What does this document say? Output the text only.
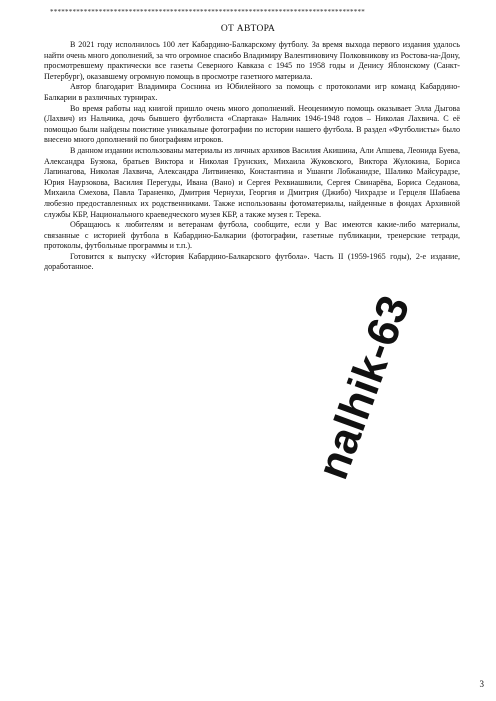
************************************************************************************
ОТ АВТОРА

В 2021 году исполнилось 100 лет Кабардино-Балкарскому футболу. За время выхода первого издания удалось найти очень много дополнений, за что огромное спасибо Владимиру Валентиновичу Полковникову из Ростова-на-Дону, просмотревшему практически все газеты Северного Кавказа с 1945 по 1958 годы и Денису Яблонскому (Санкт-Петербург), оказавшему огромную помощь в просмотре газетного материала.

Автор благодарит Владимира Соснина из Юбилейного за помощь с протоколами игр команд Кабардино-Балкарии в различных турнирах.

Во время работы над книгой пришло очень много дополнений. Неоценимую помощь оказывает Элла Дыгова (Лахвич) из Нальчика, дочь бывшего футболиста «Спартака» Нальчик 1946-1948 годов – Николая Лахвича. С её помощью были найдены поистине уникальные фотографии по истории нашего футбола. В раздел «Футболисты» было внесено много дополнений по биографиям игроков.

В данном издании использованы материалы из личных архивов Василия Акишина, Али Апшева, Леонида Буева, Александра Бузюка, братьев Виктора и Николая Грунских, Михаила Жуковского, Виктора Жулокина, Бориса Лапинагова, Николая Лахвича, Александра Литвиненко, Константина и Ушанги Лобжанидзе, Шалико Майсурадзе, Юрия Наурзокова, Василия Перегуды, Ивана (Вано) и Сергея Рехвиашвили, Сергея Свинарёва, Бориса Седанова, Михаила Смехова, Павла Тараненко, Дмитрия Чернухи, Георгия и Дмитрия (Джибо) Чихрадзе и Герцеля Шабаева любезно предоставленных их родственниками. Также использованы фотоматериалы, найденные в фондах Архивной службы КБР, Национального краеведческого музея КБР, а также музея г. Терека.

Обращаюсь к любителям и ветеранам футбола, сообщите, если у Вас имеются какие-либо материалы, связанные с историей футбола в Кабардино-Балкарии (фотографии, газетные публикации, тренерские тетради, протоколы, футбольные программы и т.п.).

Готовится к выпуску «История Кабардино-Балкарского футбола». Часть II (1959-1965 годы), 2-е издание, доработанное.

nalhik-63
3
